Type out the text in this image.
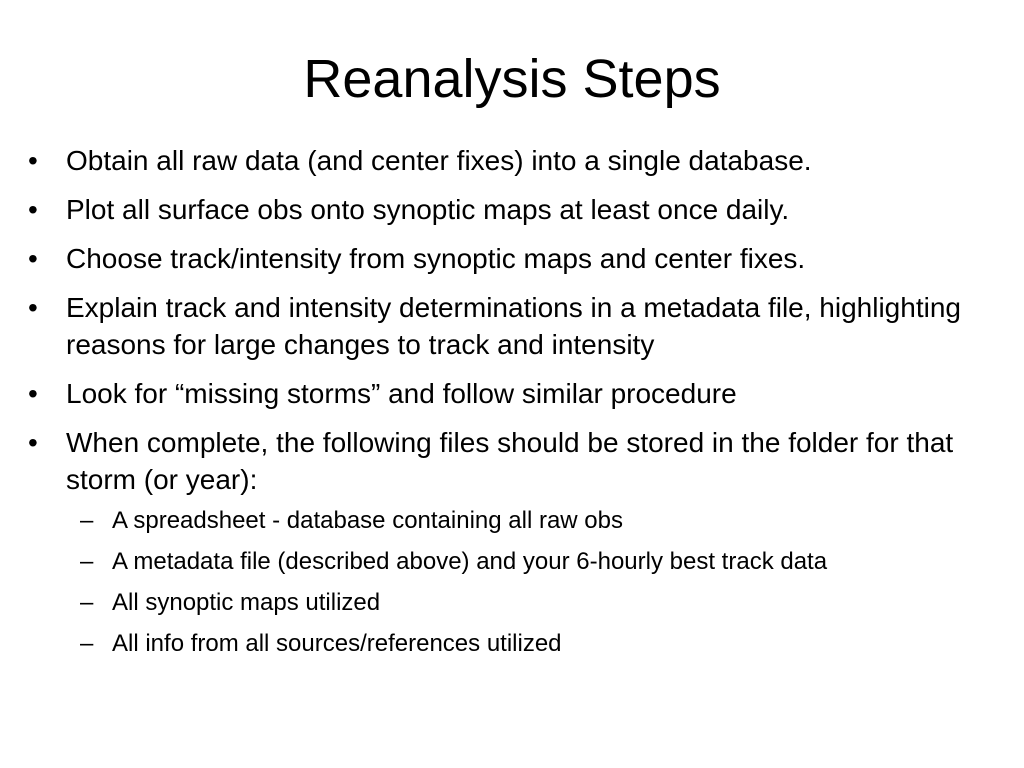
Reanalysis Steps
• Obtain all raw data (and center fixes) into a single database.
• Plot all surface obs onto synoptic maps at least once daily.
• Choose track/intensity from synoptic maps and center fixes.
• Explain track and intensity determinations in a metadata file, highlighting reasons for large changes to track and intensity
• Look for “missing storms” and follow similar procedure
• When complete, the following files should be stored in the folder for that storm (or year):
– A spreadsheet - database containing all raw obs
– A metadata file (described above) and your 6-hourly best track data
– All synoptic maps utilized
– All info from all sources/references utilized
